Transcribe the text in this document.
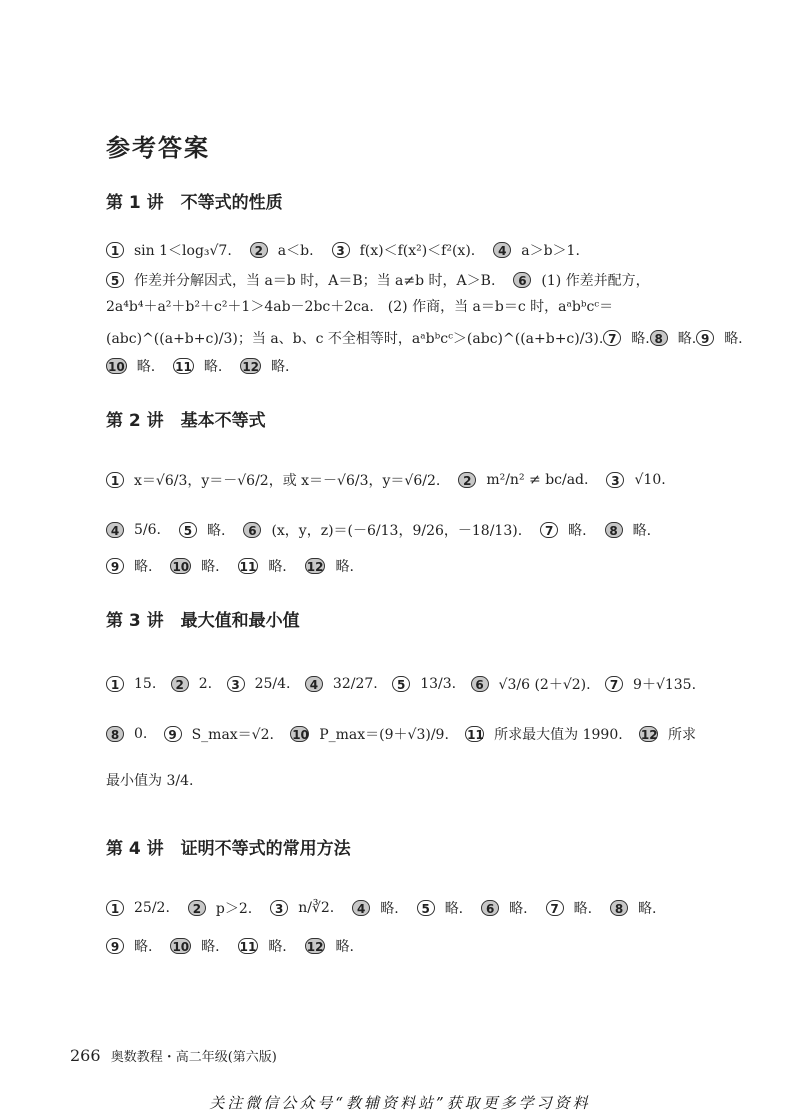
参考答案
第 1 讲　不等式的性质
1	sin 1＜log₃√7.	2	a＜b.	3	f(x)＜f(x²)＜f²(x).	4	a＞b＞1.
5	作差并分解因式，当 a＝b 时，A＝B；当 a≠b 时，A＞B.	6	(1) 作差并配方，
2a⁴b⁴＋a²＋b²＋c²＋1＞4ab－2bc＋2ca.　(2) 作商，当 a＝b＝c 时，aᵃbᵇcᶜ＝
(abc)^((a+b+c)/3)；当 a、b、c 不全相等时，aᵃbᵇcᶜ＞(abc)^((a+b+c)/3). 7	略. 8	略. 9	略.
10 略. 11 略. 12 略.
第 2 讲　基本不等式
1	x＝√6/3，y＝－√6/2，或 x＝－√6/3，y＝√6/2.	2	m²/n² ≠ bc/ad.	3	√10.
4	5/6.	5	略.	6	(x，y，z)＝(－6/13，9/26，－18/13).	7	略.	8	略.
9	略. 10 略. 11 略. 12 略.
第 3 讲　最大值和最小值
1	15.	2	2.	3	25/4.	4	32/27.	5	13/3.	6	√3/6 (2＋√2).	7	9＋√135.
8	0.	9	S_max＝√2. 10 P_max＝(9＋√3)/9. 11 所求最大值为 1990. 12 所求
最小值为 3/4.
第 4 讲　证明不等式的常用方法
1	25/2.	2	p＞2.	3	n/∛2.	4	略.	5	略.	6	略.	7	略.	8	略.
9	略. 10 略. 11 略. 12 略.
266 奥数教程・高二年级(第六版)
关注微信公众号“教辅资料站”获取更多学习资料
